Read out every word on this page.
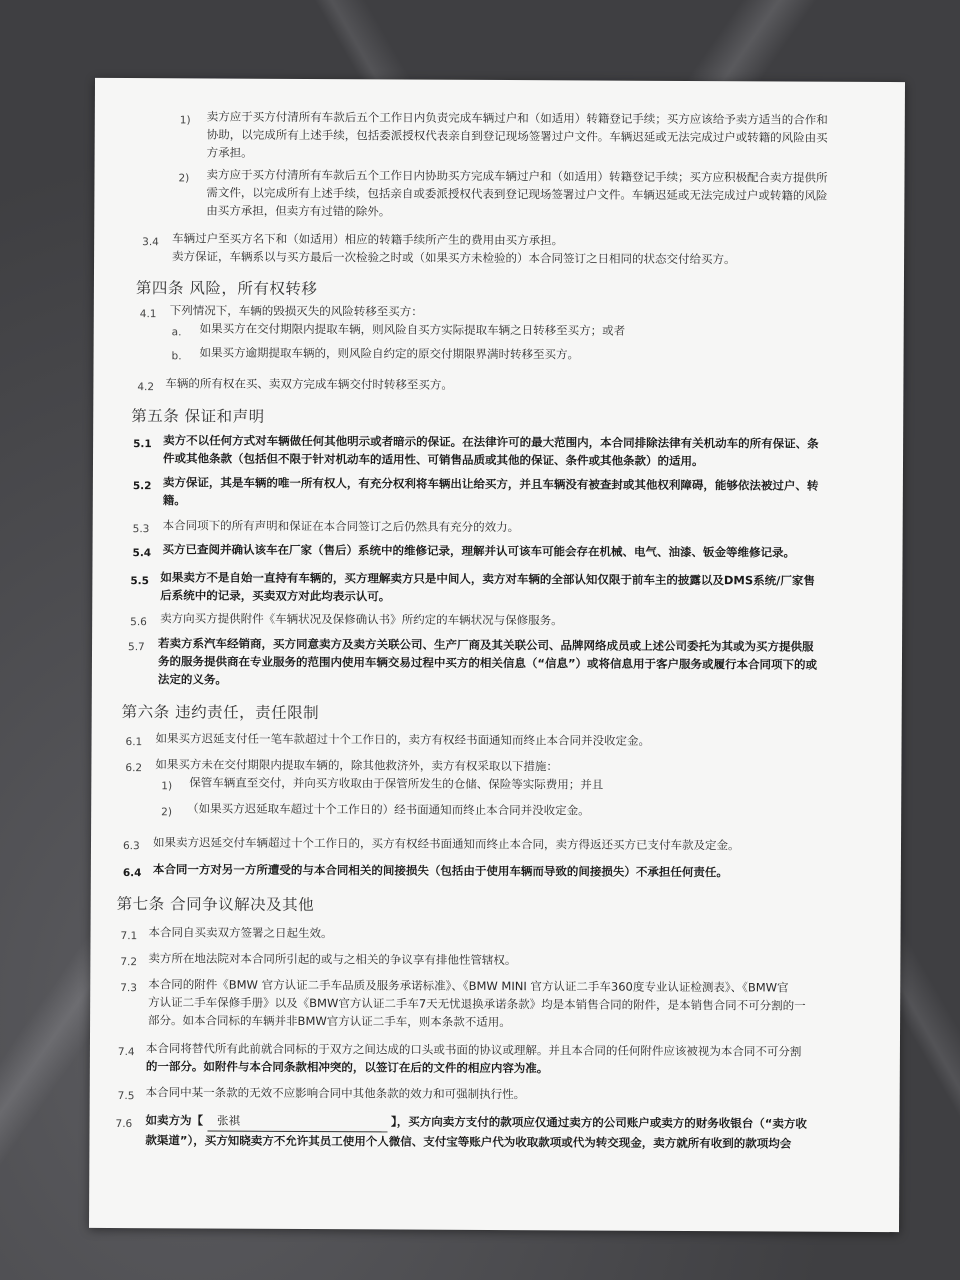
1) 卖方应于买方付清所有车款后五个工作日内负责完成车辆过户和（如适用）转籍登记手续；买方应该给予卖方适当的合作和
协助，以完成所有上述手续，包括委派授权代表亲自到登记现场签署过户文件。车辆迟延或无法完成过户或转籍的风险由买
方承担。
2) 卖方应于买方付清所有车款后五个工作日内协助买方完成车辆过户和（如适用）转籍登记手续；买方应积极配合卖方提供所
需文件，以完成所有上述手续，包括亲自或委派授权代表到登记现场签署过户文件。车辆迟延或无法完成过户或转籍的风险
由买方承担，但卖方有过错的除外。
3.4 车辆过户至买方名下和（如适用）相应的转籍手续所产生的费用由买方承担。
卖方保证，车辆系以与买方最后一次检验之时或（如果买方未检验的）本合同签订之日相同的状态交付给买方。
第四条 风险，所有权转移
4.1 下列情况下，车辆的毁损灭失的风险转移至买方：
a. 如果买方在交付期限内提取车辆，则风险自买方实际提取车辆之日转移至买方；或者
b. 如果买方逾期提取车辆的，则风险自约定的原交付期限界满时转移至买方。
4.2 车辆的所有权在买、卖双方完成车辆交付时转移至买方。
第五条 保证和声明
5.1 卖方不以任何方式对车辆做任何其他明示或者暗示的保证。在法律许可的最大范围内，本合同排除法律有关机动车的所有保证、条
件或其他条款（包括但不限于针对机动车的适用性、可销售品质或其他的保证、条件或其他条款）的适用。
5.2 卖方保证，其是车辆的唯一所有权人，有充分权利将车辆出让给买方，并且车辆没有被查封或其他权利障碍，能够依法被过户、转
籍。
5.3 本合同项下的所有声明和保证在本合同签订之后仍然具有充分的效力。
5.4 买方已查阅并确认该车在厂家（售后）系统中的维修记录，理解并认可该车可能会存在机械、电气、油漆、钣金等维修记录。
5.5 如果卖方不是自始一直持有车辆的，买方理解卖方只是中间人，卖方对车辆的全部认知仅限于前车主的披露以及DMS系统/厂家售
后系统中的记录，买卖双方对此均表示认可。
5.6 卖方向买方提供附件《车辆状况及保修确认书》所约定的车辆状况与保修服务。
5.7 若卖方系汽车经销商，买方同意卖方及卖方关联公司、生产厂商及其关联公司、品牌网络成员或上述公司委托为其或为买方提供服
务的服务提供商在专业服务的范围内使用车辆交易过程中买方的相关信息（“信息”）或将信息用于客户服务或履行本合同项下的或
法定的义务。
第六条 违约责任，责任限制
6.1 如果买方迟延支付任一笔车款超过十个工作日的，卖方有权经书面通知而终止本合同并没收定金。
6.2 如果买方未在交付期限内提取车辆的，除其他救济外，卖方有权采取以下措施：
1) 保管车辆直至交付，并向买方收取由于保管所发生的仓储、保险等实际费用；并且
2) （如果买方迟延取车超过十个工作日的）经书面通知而终止本合同并没收定金。
6.3 如果卖方迟延交付车辆超过十个工作日的，买方有权经书面通知而终止本合同，卖方得返还买方已支付车款及定金。
6.4 本合同一方对另一方所遭受的与本合同相关的间接损失（包括由于使用车辆而导致的间接损失）不承担任何责任。
第七条 合同争议解决及其他
7.1 本合同自买卖双方签署之日起生效。
7.2 卖方所在地法院对本合同所引起的或与之相关的争议享有排他性管辖权。
7.3 本合同的附件《BMW 官方认证二手车品质及服务承诺标准》、《BMW MINI 官方认证二手车360度专业认证检测表》、《BMW官
方认证二手车保修手册》以及《BMW官方认证二手车7天无忧退换承诺条款》均是本销售合同的附件，是本销售合同不可分割的一
部分。如本合同标的车辆并非BMW官方认证二手车，则本条款不适用。
7.4 本合同将替代所有此前就合同标的于双方之间达成的口头或书面的协议或理解。并且本合同的任何附件应该被视为本合同不可分割
的一部分。如附件与本合同条款相冲突的，以签订在后的文件的相应内容为准。
7.5 本合同中某一条款的无效不应影响合同中其他条款的效力和可强制执行性。
7.6 如卖方为【 张祺	】，买方向卖方支付的款项应仅通过卖方的公司账户或卖方的财务收银台（“卖方收
款渠道”），买方知晓卖方不允许其员工使用个人微信、支付宝等账户代为收取款项或代为转交现金，卖方就所有收到的款项均会
